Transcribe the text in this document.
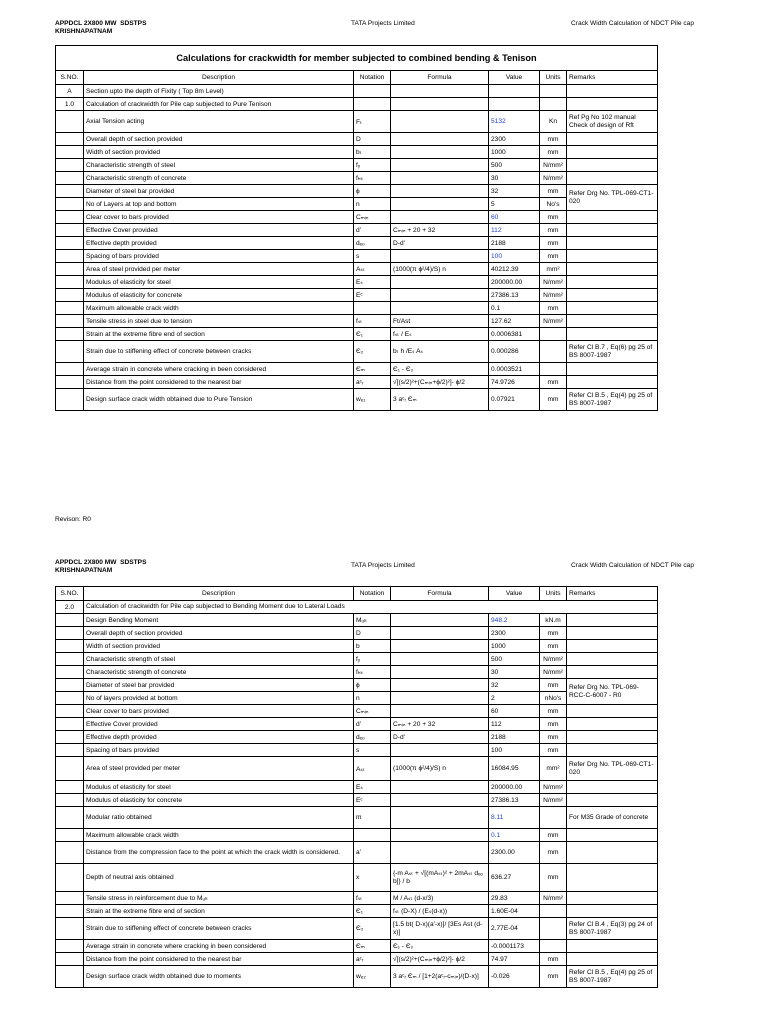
APPDCL 2X800 MW  SDSTPS
KRISHNAPATNAM
TATA Projects Limited	Crack Width Calculation of NDCT Pile cap
Calculations for crackwidth for member subjected to combined bending & Tenison						
S.NO.	Description	Notation	Formula	Value	Units	Remarks
A	Section upto the depth of Fixity ( Top 8m Level)					
1.0	Calculation of crackwidth for Pile cap subjected to Pure Tenison					
	Axial Tension acting	Fₜ		5132	Kn	Ref Pg No 102 manual Check of design of Rft
	Overall depth of section provided	D		2300	mm	
	Width of section provided	bₜ		1000	mm	
	Characteristic strength of steel	fᵧ		500	N/mm²	
	Characteristic strength of concrete	fₕₖ		30	N/mm²	
	Diameter of steel bar provided	ϕ		32	mm	Refer Drg No. TPL-069-CT1-020
	No of Layers at top and bottom	n		5	No's	
	Clear cover to bars provided	Cₘᵢₙ		60	mm	
	Effective Cover provided	d'	Cₘᵢₙ + 20 + 32	112	mm	
	Effective depth provided	dₑₒ	D-d'	2188	mm	
	Spacing of bars provided	s		100	mm	
	Area of steel provided per meter	Aₛₜ	(1000(π ϕ²/4)/S) n	40212.39	mm²	
	Modulus of elasticity for steel	Eₛ		200000.00	N/mm²	
	Modulus of elasticity for concrete	Eᶜ		27386.13	N/mm²	
	Maximum allowable crack width			0.1	mm	
	Tensile stress in steel due to tension	fₛₜ	Ft/Ast	127.62	N/mm²	
	Strain at the extreme fibre end of section	Є₁	fₛₜ / Eₛ	0.0006381		
	Strain due to stiffening effect of concrete between cracks	Є₂	bₜ h /Eₛ Aₛ	0.000286		Refer Cl B.7 , Eq(6) pg 25 of BS 8007-1987
	Average strain in concrete where cracking in been considered	Єₘ	Є₁ - Є₂	0.0003521		
	Distance from the point considered to the nearest bar	aᶜᵣ	√[(s/2)²+(Cₘᵢₙ+ϕ/2)²]- ϕ/2	74.9726	mm	
	Design surface crack width obtained due to Pure Tension	wₑ₁	3 aᶜᵣ Єₘ	0.07921	mm	Refer Cl B.5 , Eq(4) pg 25 of BS 8007-1987
Revison: R0
APPDCL 2X800 MW  SDSTPS
KRISHNAPATNAM
TATA Projects Limited	Crack Width Calculation of NDCT Pile cap
S.NO.	Description	Notation	Formula	Value	Units	Remarks
2.0	Calculation of crackwidth for Pile cap subjected to Bending Moment due to Lateral Loads					
	Design Bending Moment	Mᵤₗₜ		948.2	kN.m	
	Overall depth of section provided	D		2300	mm	
	Width of section provided	b		1000	mm	
	Characteristic strength of steel	fᵧ		500	N/mm²	
	Characteristic strength of concrete	fₕₖ		30	N/mm²	
	Diameter of steel bar provided	ϕ		32	mm	Refer Drg No. TPL-069-RCC-C-6007 - R0
	No of layers provided at bottom	n		2	nNo's	
	Clear cover to bars provided	Cₘᵢₙ		60	mm	
	Effective Cover provided	d'	Cₘᵢₙ + 20 + 32	112	mm	
	Effective depth provided	dₑₒ	D-d'	2188	mm	
	Spacing of bars provided	s		100	mm	
	Area of steel provided per meter	Aₛₜ	(1000(π ϕ²/4)/S) n	16084.95	mm²	Refer Drg No. TPL-069-CT1-020
	Modulus of elasticity for steel	Eₛ		200000.00	N/mm²	
	Modulus of elasticity for concrete	Eᶜ		27386.13	N/mm²	
	Modular ratio obtained	m		8.11		For M35 Grade of concrete
	Maximum allowable crack width			0.1	mm	
	Distance from the compression face to the point at which the crack width is considered.	a'		2300.00	mm	
	Depth of neutral axis obtained	x	{-m Aₛₜ + √[(mAₛₜ)² + 2mAₛₜ dₑₒ b]} / b	636.27	mm	
	Tensile stress in reinforcement due to Mᵤₗₜ	fₛₜ	M / Aₛₜ (d-x/3)	29.83	N/mm²	
	Strain at the extreme fibre end of section	Є₁	fₛₜ (D-X) / (Eₛ(d-x))	1.60E-04		
	Strain due to stiffening effect of concrete between cracks	Є₂	[1.5 bt( D-x)(a'-x)]/ [3Es Ast (d-x)]	2.77E-04		Refer Cl B.4 , Eq(3) pg 24 of BS 8007-1987
	Average strain in concrete where cracking in been considered	Єₘ	Є₁ - Є₂	-0.0001173		
	Distance from the point considered to the nearest bar	aᶜᵣ	√[(s/2)²+(Cₘᵢₙ+ϕ/2)²]- ϕ/2	74.97	mm	
	Design surface crack width obtained due to moments	wₑ₂	3 aᶜᵣ Єₘ / [1+2(aᶜᵣ-cₘᵢₙ)/(D-x)]	-0.026	mm	Refer Cl B.5 , Eq(4) pg 25 of BS 8007-1987
